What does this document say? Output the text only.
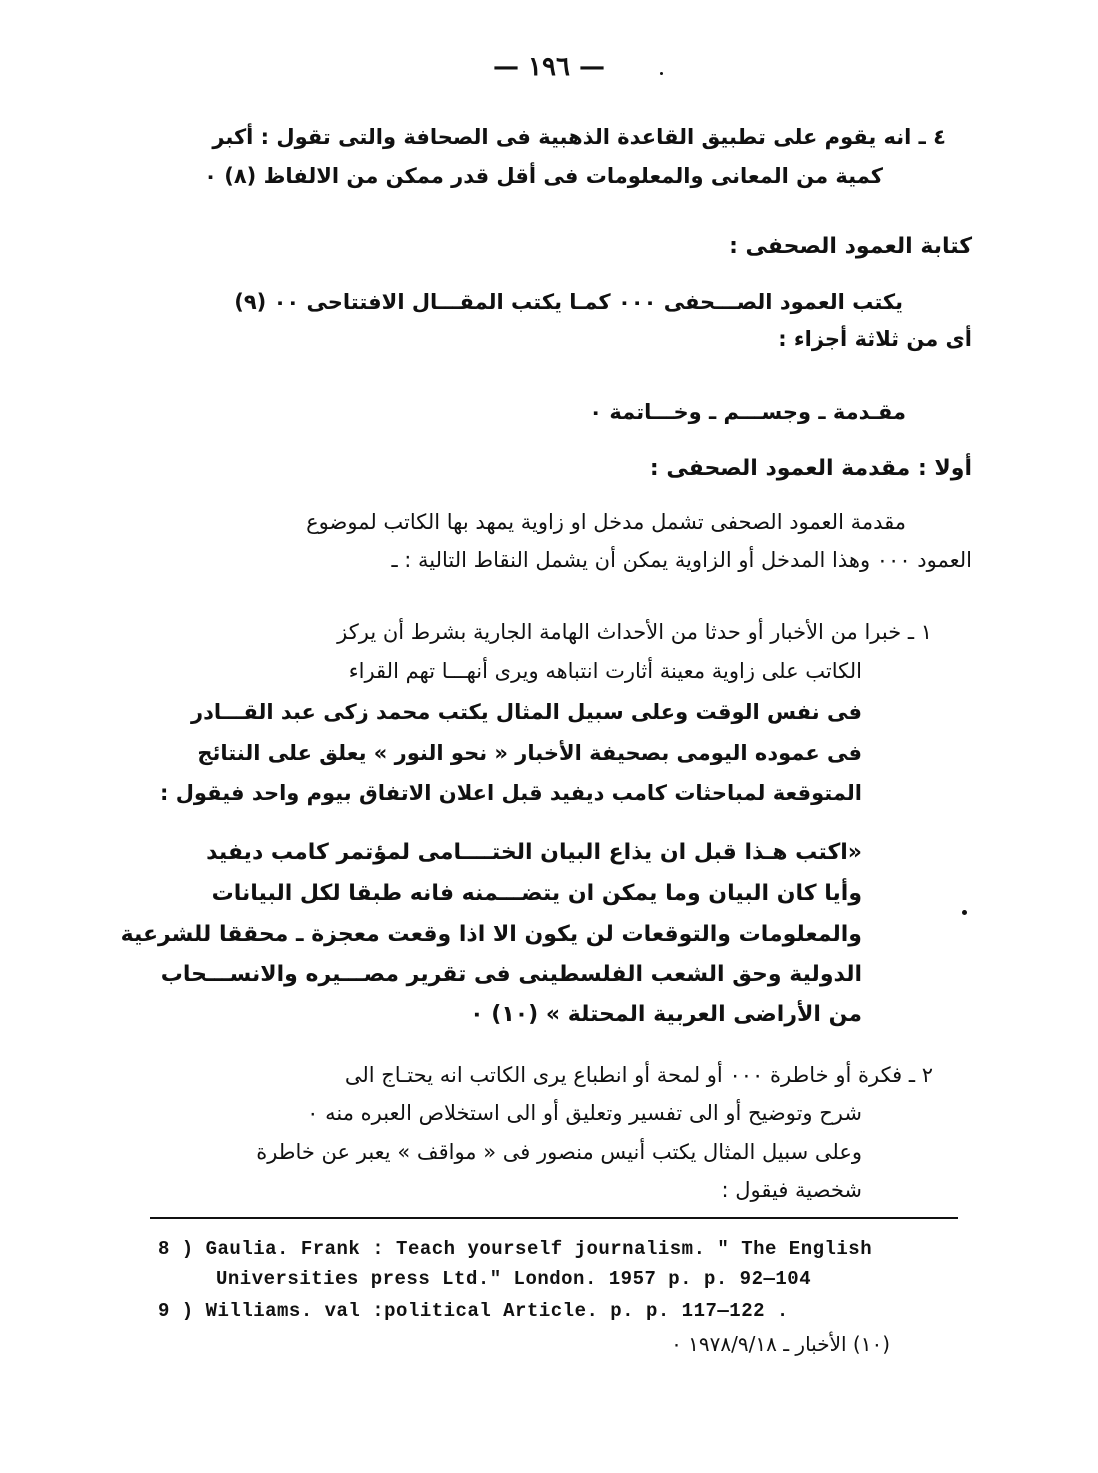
— ١٩٦ —
٤ ـ انه يقوم على تطبيق القاعدة الذهبية فى الصحافة والتى تقول : أكبر
كمية من المعانى والمعلومات فى أقل قدر ممكن من الالفاظ (٨) ٠
كتابة العمود الصحفى :
يكتب العمود الصـــحفى ٠٠٠ كمـا يكتب المقـــال الافتتاحى ٠٠ (٩)
أى من ثلاثة أجزاء :
مقـدمة ـ وجســـم ـ وخـــاتمة ٠
أولا : مقدمة العمود الصحفى :
مقدمة العمود الصحفى تشمل مدخل او زاوية يمهد بها الكاتب لموضوع
العمود ٠٠٠ وهذا المدخل أو الزاوية يمكن أن يشمل النقاط التالية : ـ
١ ـ خبرا من الأخبار أو حدثا من الأحداث الهامة الجارية بشرط أن يركز
الكاتب على زاوية معينة أثارت انتباهه ويرى أنهـــا تهم القراء
فى نفس الوقت وعلى سبيل المثال يكتب محمد زكى عبد القـــادر
فى عموده اليومى بصحيفة الأخبار « نحو النور » يعلق على النتائج
المتوقعة لمباحثات كامب ديفيد قبل اعلان الاتفاق بيوم واحد فيقول :
«اكتب هـذا قبل ان يذاع البيان الختــــامى لمؤتمر كامب ديفيد
وأيا كان البيان وما يمكن ان يتضـــمنه فانه طبقا لكل البيانات
والمعلومات والتوقعات لن يكون الا اذا وقعت معجزة ـ محققا للشرعية
الدولية وحق الشعب الفلسطينى فى تقرير مصـــيره والانســـحاب
من الأراضى العربية المحتلة » (١٠) ٠
٢ ـ فكرة أو خاطرة ٠٠٠ أو لمحة أو انطباع يرى الكاتب انه يحتـاج الى
شرح وتوضيح أو الى تفسير وتعليق أو الى استخلاص العبره منه ٠
وعلى سبيل المثال يكتب أنيس منصور فى « مواقف » يعبر عن خاطرة
شخصية فيقول :
8 ) Gaulia. Frank : Teach yourself journalism. " The English
Universities press Ltd." London. 1957 p. p. 92—104
9 ) Williams. val :political Article. p. p. 117—122 .
(١٠) الأخبار ـ ١٩٧٨/٩/١٨ ٠
